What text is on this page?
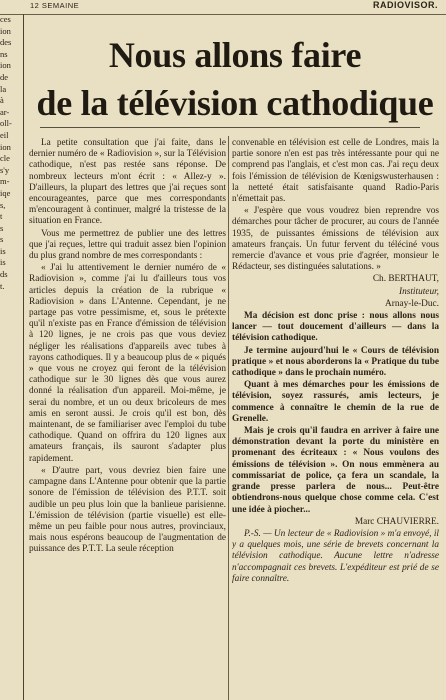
12 SEMAINE	RADIOVISOR.
ces
ion
des
ns
ion
de
la
à
ar-
oll-
eil
ion
cle
s'y
m-
iqe
s,
t
s
s
is
is
ds
t.
Nous allons faire
de la télévision cathodique

La petite consultation que j'ai faite, dans le dernier numéro de « Radiovision », sur la Télévision cathodique, n'est pas restée sans réponse. De nombreux lecteurs m'ont écrit : « Allez-y ». D'ailleurs, la plupart des lettres que j'ai reçues sont encourageantes, parce que mes correspondants m'encouragent à continuer, malgré la tristesse de la situation en France.

Vous me permettrez de publier une des lettres que j'ai reçues, lettre qui traduit assez bien l'opinion du plus grand nombre de mes correspondants :

« J'ai lu attentivement le dernier numéro de « Radiovision », comme j'ai lu d'ailleurs tous vos articles depuis la création de la rubrique « Radiovision » dans L'Antenne. Cependant, je ne partage pas votre pessimisme, et, sous le prétexte qu'il n'existe pas en France d'émission de télévision à 120 lignes, je ne crois pas que vous deviez négliger les réalisations d'appareils avec tubes à rayons cathodiques. Il y a beaucoup plus de « piqués » que vous ne croyez qui feront de la télévision cathodique sur le 30 lignes dès que vous aurez donné la réalisation d'un appareil. Moi-même, je serai du nombre, et un ou deux bricoleurs de mes amis en seront aussi. Je crois qu'il est bon, dès maintenant, de se familiariser avec l'emploi du tube cathodique. Quand on offrira du 120 lignes aux amateurs français, ils sauront s'adapter plus rapidement.

« D'autre part, vous devriez bien faire une campagne dans L'Antenne pour obtenir que la partie sonore de l'émission de télévision des P.T.T. soit audible un peu plus loin que la banlieue parisienne. L'émission de télévision (partie visuelle) est elle-même un peu faible pour nous autres, provinciaux, mais nous espérons beaucoup de l'augmentation de puissance des P.T.T. La seule réception

convenable en télévision est celle de Londres, mais la partie sonore n'en est pas très intéressante pour qui ne comprend pas l'anglais, et c'est mon cas. J'ai reçu deux fois l'émission de télévision de Kœnigswusterhausen : la netteté était satisfaisante quand Radio-Paris n'émettait pas.

« J'espère que vous voudrez bien reprendre vos démarches pour tâcher de procurer, au cours de l'année 1935, de puissantes émissions de télévision aux amateurs français. Un futur fervent du téléciné vous remercie d'avance et vous prie d'agréer, monsieur le Rédacteur, ses distinguées salutations. »

Ch. BERTHAUT,

Instituteur,

Arnay-le-Duc.

Ma décision est donc prise : nous allons nous lancer — tout doucement d'ailleurs — dans la télévision cathodique.

Je termine aujourd'hui le « Cours de télévision pratique » et nous aborderons la « Pratique du tube cathodique » dans le prochain numéro.

Quant à mes démarches pour les émissions de télévision, soyez rassurés, amis lecteurs, je commence à connaître le chemin de la rue de Grenelle.

Mais je crois qu'il faudra en arriver à faire une démonstration devant la porte du ministère en promenant des écriteaux : « Nous voulons des émissions de télévision ». On nous emmènera au commissariat de police, ça fera un scandale, la grande presse parlera de nous... Peut-être obtiendrons-nous quelque chose comme cela. C'est une idée à piocher...

Marc CHAUVIERRE.

P.-S. — Un lecteur de « Radiovision » m'a envoyé, il y a quelques mois, une série de brevets concernant la télévision cathodique. Aucune lettre n'adresse n'accompagnait ces brevets. L'expéditeur est prié de se faire connaître.
